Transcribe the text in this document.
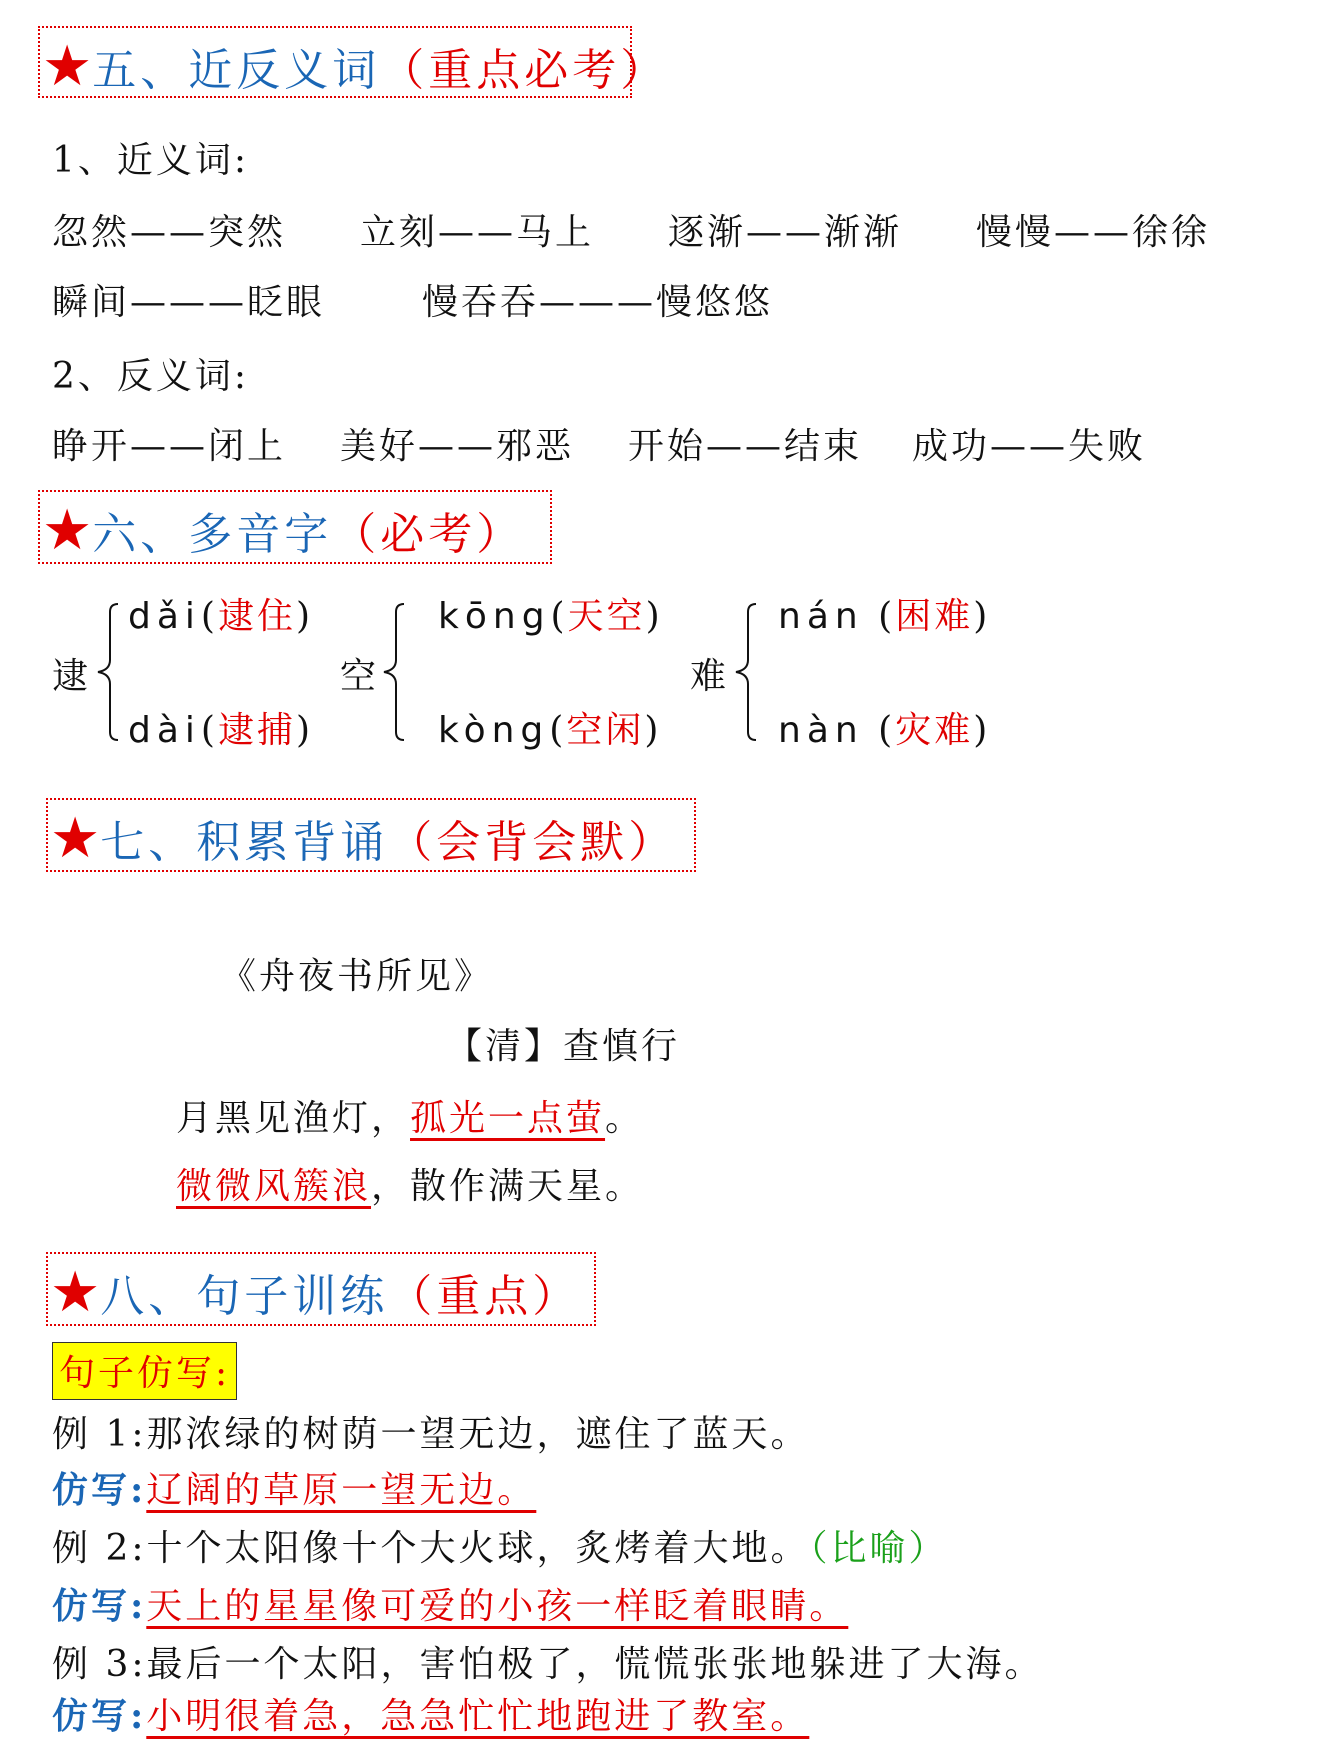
★五、近反义词（重点必考）
1、近义词:
忽然——突然 立刻——马上 逐渐——渐渐 慢慢——徐徐
瞬间———眨眼	慢吞吞———慢悠悠
2、反义词:
睁开——闭上 美好——邪恶 开始——结束 成功——失败
★六、多音字（必考）
逮
dǎi(逮住)
dài(逮捕)
空
kōng(天空)
kòng(空闲)
难
nán (困难)
nàn (灾难)
★七、积累背诵（会背会默）
《舟夜书所见》
【清】查慎行
月黑见渔灯，孤光一点萤。
微微风簇浪，散作满天星。
★八、句子训练（重点）
句子仿写:
例 1:那浓绿的树荫一望无边，遮住了蓝天。
仿写:辽阔的草原一望无边。
例 2:十个太阳像十个大火球，炙烤着大地。（比喻）
仿写:天上的星星像可爱的小孩一样眨着眼睛。
例 3:最后一个太阳，害怕极了，慌慌张张地躲进了大海。
仿写:小明很着急，急急忙忙地跑进了教室。
